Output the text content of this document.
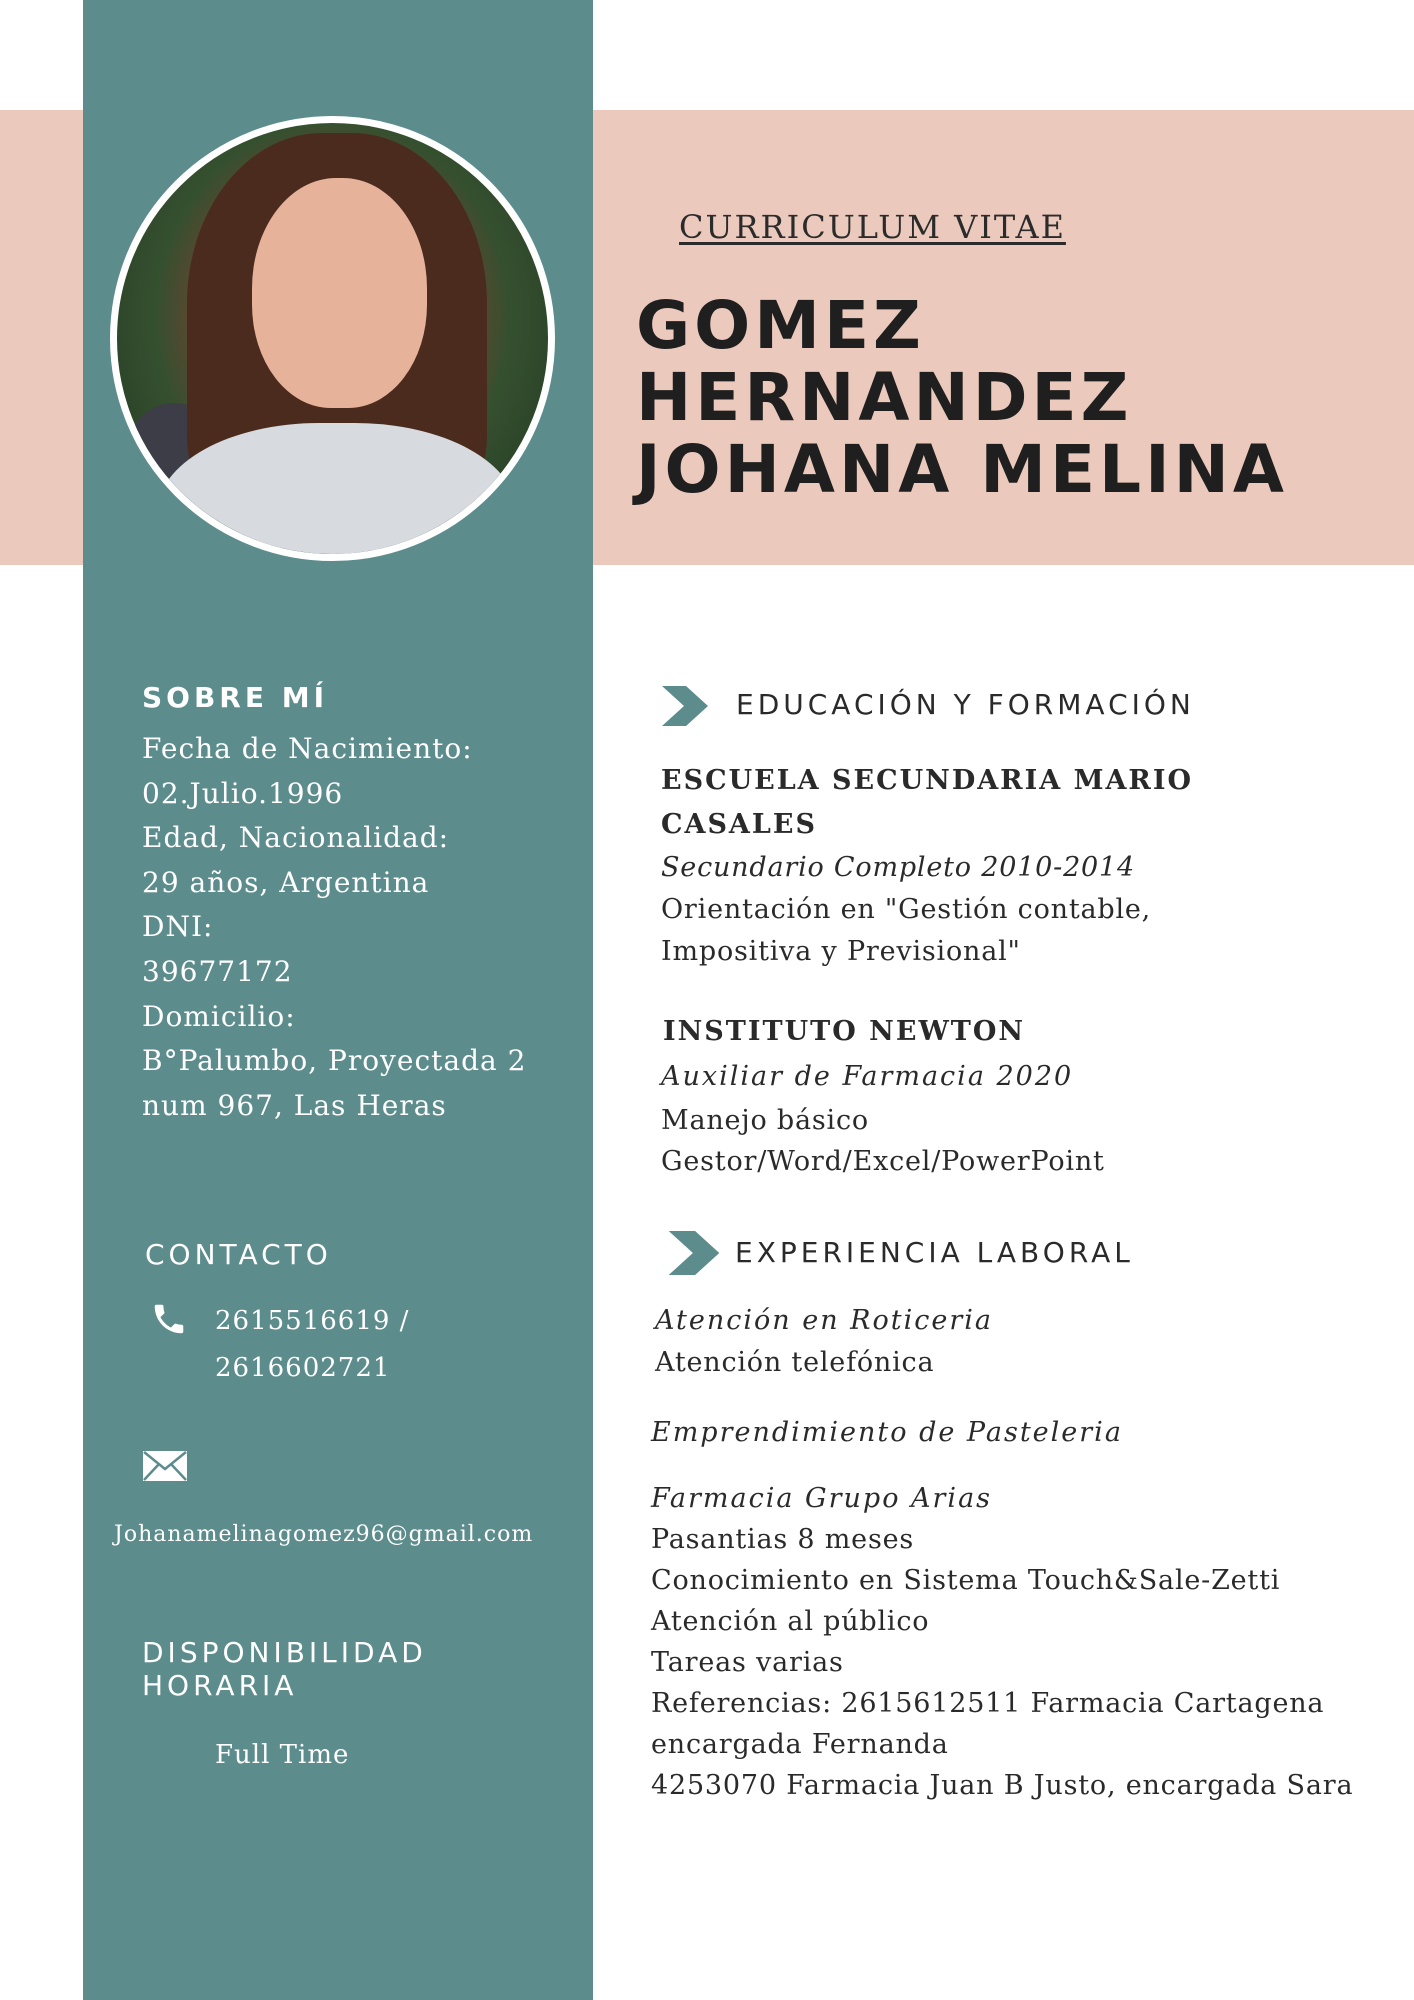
CURRICULUM VITAE
GOMEZ
HERNANDEZ
JOHANA MELINA
SOBRE MÍ
Fecha de Nacimiento:
02.Julio.1996
Edad, Nacionalidad:
29 años, Argentina
DNI:
39677172
Domicilio:
B°Palumbo, Proyectada 2
num 967, Las Heras
CONTACTO
2615516619 /
2616602721
Johanamelinagomez96@gmail.com
DISPONIBILIDAD
HORARIA
Full Time
EDUCACIÓN Y FORMACIÓN
ESCUELA SECUNDARIA MARIO
CASALES
Secundario Completo 2010-2014
Orientación en "Gestión contable,
Impositiva y Previsional"
INSTITUTO NEWTON
Auxiliar de Farmacia 2020
Manejo básico
Gestor/Word/Excel/PowerPoint
EXPERIENCIA LABORAL
Atención en Roticeria
Atención telefónica
Emprendimiento de Pasteleria
Farmacia Grupo Arias
Pasantias 8 meses
Conocimiento en Sistema Touch&Sale-Zetti
Atención al público
Tareas varias
Referencias: 2615612511 Farmacia Cartagena
encargada Fernanda
4253070 Farmacia Juan B Justo, encargada Sara
